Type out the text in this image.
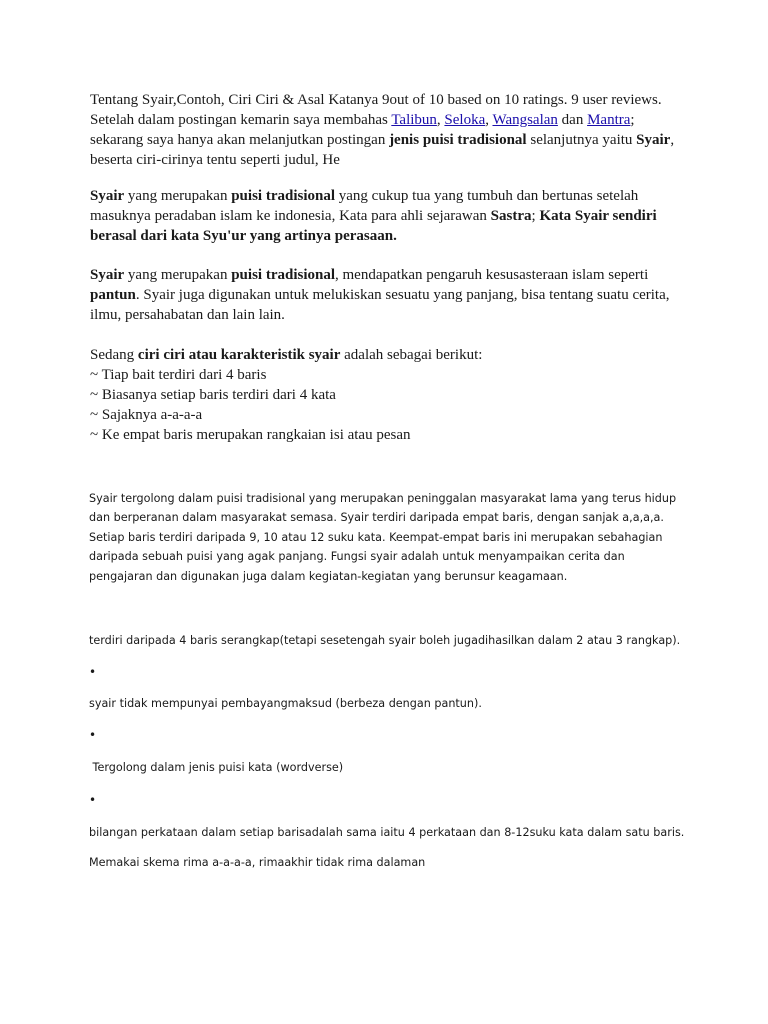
Tentang Syair,Contoh, Ciri Ciri & Asal Katanya 9out of 10 based on 10 ratings. 9 user reviews.

Setelah dalam postingan kemarin saya membahas Talibun, Seloka, Wangsalan dan Mantra;

sekarang saya hanya akan melanjutkan postingan jenis puisi tradisional selanjutnya yaitu Syair,

beserta ciri-cirinya tentu seperti judul, He

Syair yang merupakan puisi tradisional yang cukup tua yang tumbuh dan bertunas setelah

masuknya peradaban islam ke indonesia, Kata para ahli sejarawan Sastra; Kata Syair sendiri

berasal dari kata Syu'ur yang artinya perasaan.

Syair yang merupakan puisi tradisional, mendapatkan pengaruh kesusasteraan islam seperti

pantun. Syair juga digunakan untuk melukiskan sesuatu yang panjang, bisa tentang suatu cerita,

ilmu, persahabatan dan lain lain.

Sedang ciri ciri atau karakteristik syair adalah sebagai berikut:

~ Tiap bait terdiri dari 4 baris

~ Biasanya setiap baris terdiri dari 4 kata

~ Sajaknya a-a-a-a

~ Ke empat baris merupakan rangkaian isi atau pesan

Syair tergolong dalam puisi tradisional yang merupakan peninggalan masyarakat lama yang terus hidup
dan berperanan dalam masyarakat semasa. Syair terdiri daripada empat baris, dengan sanjak a,a,a,a.
Setiap baris terdiri daripada 9, 10 atau 12 suku kata. Keempat-empat baris ini merupakan sebahagian
daripada sebuah puisi yang agak panjang. Fungsi syair adalah untuk menyampaikan cerita dan
pengajaran dan digunakan juga dalam kegiatan-kegiatan yang berunsur keagamaan.
terdiri daripada 4 baris serangkap(tetapi sesetengah syair boleh jugadihasilkan dalam 2 atau 3 rangkap).
•
syair tidak mempunyai pembayangmaksud (berbeza dengan pantun).
•
Tergolong dalam jenis puisi kata (wordverse)
•
bilangan perkataan dalam setiap barisadalah sama iaitu 4 perkataan dan 8-12suku kata dalam satu baris.
Memakai skema rima a-a-a-a, rimaakhir tidak rima dalaman
